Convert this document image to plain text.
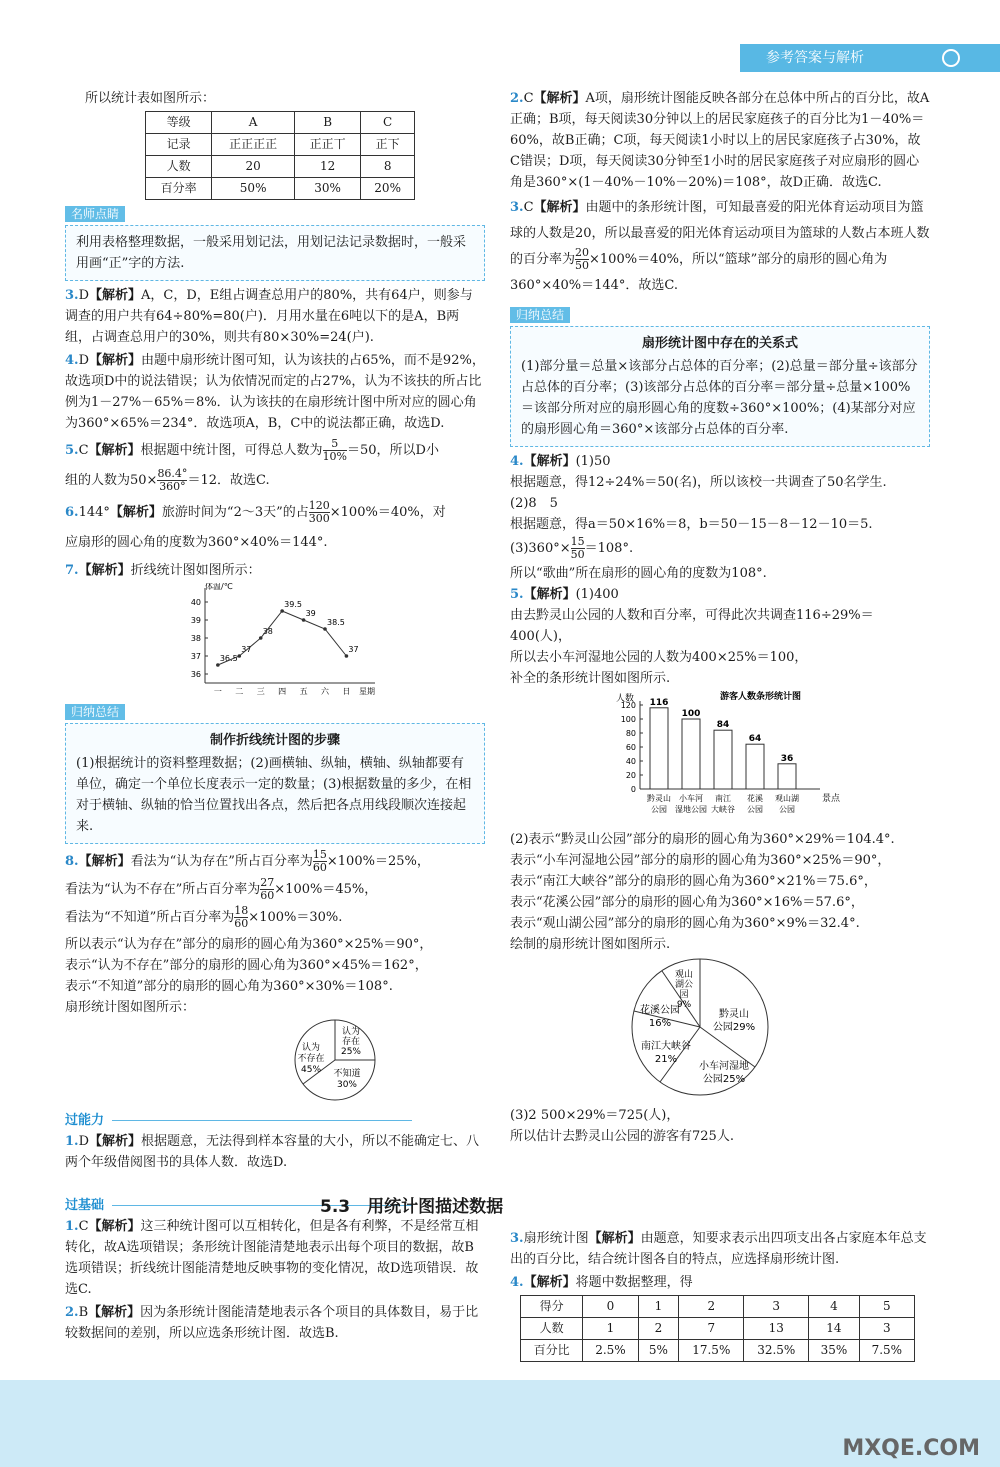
参考答案与解析
所以统计表如图所示：
等级	A	B	C
记录	正正正正	正正丅	正下
人数	20	12	8
百分率	50%	30%	20%
名师点睛
利用表格整理数据，一般采用划记法，用划记法记录数据时，一般采用画“正”字的方法.
3.D【解析】A，C，D，E组占调查总用户的80%，共有64户，则参与调查的用户共有64÷80%=80(户)．月用水量在6吨以下的是A，B两组，占调查总用户的30%，则共有80×30%=24(户).
4.D【解析】由题中扇形统计图可知，认为该扶的占65%，而不是92%，故选项D中的说法错误；认为依情况而定的占27%，认为不该扶的所占比例为1－27%－65%＝8%．认为该扶的在扇形统计图中所对应的圆心角为360°×65%＝234°．故选项A，B，C中的说法都正确，故选D.
5.C【解析】根据题中统计图，可得总人数为 $\frac{5}{10\%} =50$，所以D小
组的人数为$50\times \frac{86.4^\circ}{360^\circ} =12$．故选C.
6.144°【解析】旅游时间为“2～3天”的占 $\frac{120}{300} \times 100\%=40\%$，对
应扇形的圆心角的度数为360°×40%＝144°.
7.【解析】折线统计图如图所示：
体温/℃
星期
40
39
38
37
36
一
36.5
二
37
三
38
四
39.5
五
39
六
38.5
日
37
归纳总结
制作折线统计图的步骤
(1)根据统计的资料整理数据；(2)画横轴、纵轴，横轴、纵轴都要有单位，确定一个单位长度表示一定的数量；(3)根据数量的多少，在相对于横轴、纵轴的恰当位置找出各点，然后把各点用线段顺次连接起来.
8.【解析】看法为“认为存在”所占百分率为 $\frac{15}{60} \times 100\%=25\%$，
看法为“认为不存在”所占百分率为 $\frac{27}{60} \times 100\%=45\%$，
看法为“不知道”所占百分率为 $\frac{18}{60} \times 100\%=30\%$.
所以表示“认为存在”部分的扇形的圆心角为360°×25%＝90°，
表示“认为不存在”部分的扇形的圆心角为360°×45%＝162°，
表示“不知道”部分的扇形的圆心角为360°×30%＝108°.
扇形统计图如图所示：
认为
不存在
45%
认为
存在
25%
不知道
30%
过能力
1.D【解析】根据题意，无法得到样本容量的大小，所以不能确定七、八两个年级借阅图书的具体人数．故选D.
过基础
1.C【解析】这三种统计图可以互相转化，但是各有利弊，不是经常互相转化，故A选项错误；条形统计图能清楚地表示出每个项目的数据，故B选项错误；折线统计图能清楚地反映事物的变化情况，故D选项错误．故选C.
2.B【解析】因为条形统计图能清楚地表示各个项目的具体数目，易于比较数据间的差别，所以应选条形统计图．故选B.
2.C【解析】A项，扇形统计图能反映各部分在总体中所占的百分比，故A正确；B项，每天阅读30分钟以上的居民家庭孩子的百分比为1－40%＝60%，故B正确；C项，每天阅读1小时以上的居民家庭孩子占30%，故C错误；D项，每天阅读30分钟至1小时的居民家庭孩子对应扇形的圆心角是360°×(1－40%－10%－20%)＝108°，故D正确．故选C.
3.C【解析】由题中的条形统计图，可知最喜爱的阳光体育运动项目为篮球的人数是20，所以最喜爱的阳光体育运动项目为篮球的人数占本班人数的百分率为 $\frac{20}{50} \times 100\%=40\%$，所以“篮球”部分的扇形的圆心角为360°×40%＝144°．故选C.
归纳总结
扇形统计图中存在的关系式
(1)部分量＝总量×该部分占总体的百分率；(2)总量＝部分量÷该部分占总体的百分率；(3)该部分占总体的百分率＝部分量÷总量×100%＝该部分所对应的扇形圆心角的度数÷360°×100%；(4)某部分对应的扇形圆心角＝360°×该部分占总体的百分率.
4.【解析】(1)50
根据题意，得12÷24%＝50(名)，所以该校一共调查了50名学生.
(2)8　5
根据题意，得a＝50×16%＝8，b＝50－15－8－12－10＝5.
$(3)360^\circ\times \frac{15}{50} =108^\circ$.
所以“歌曲”所在扇形的圆心角的度数为108°.
5.【解析】(1)400
由去黔灵山公园的人数和百分率，可得此次共调查116÷29%＝400(人)，
所以去小车河湿地公园的人数为400×25%＝100，
补全的条形统计图如图所示.
游客人数条形统计图
人数
景点
120
100
80
60
40
20
0
116
黔灵山
公园
100
小车河
湿地公园
84
南江
大峡谷
64
花溪
公园
36
观山湖
公园
(2)表示“黔灵山公园”部分的扇形的圆心角为360°×29%＝104.4°.
表示“小车河湿地公园”部分的扇形的圆心角为360°×25%＝90°，
表示“南江大峡谷”部分的扇形的圆心角为360°×21%＝75.6°，
表示“花溪公园”部分的扇形的圆心角为360°×16%＝57.6°，
表示“观山湖公园”部分的扇形的圆心角为360°×9%＝32.4°.
绘制的扇形统计图如图所示.
黔灵山
公园29%
小车河湿地
公园25%
南江大峡谷
21%
花溪公园
16%
观山
湖公
园
9%
(3)2 500×29%＝725(人)，
所以估计去黔灵山公园的游客有725人.
5.3　用统计图描述数据
3.扇形统计图【解析】由题意，知要求表示出四项支出各占家庭本年总支出的百分比，结合统计图各自的特点，应选择扇形统计图.
4.【解析】将题中数据整理，得
得分	0	1	2	3	4	5
人数	1	2	7	13	14	3
百分比	2.5%	5%	17.5%	32.5%	35%	7.5%
MXQE.COM
